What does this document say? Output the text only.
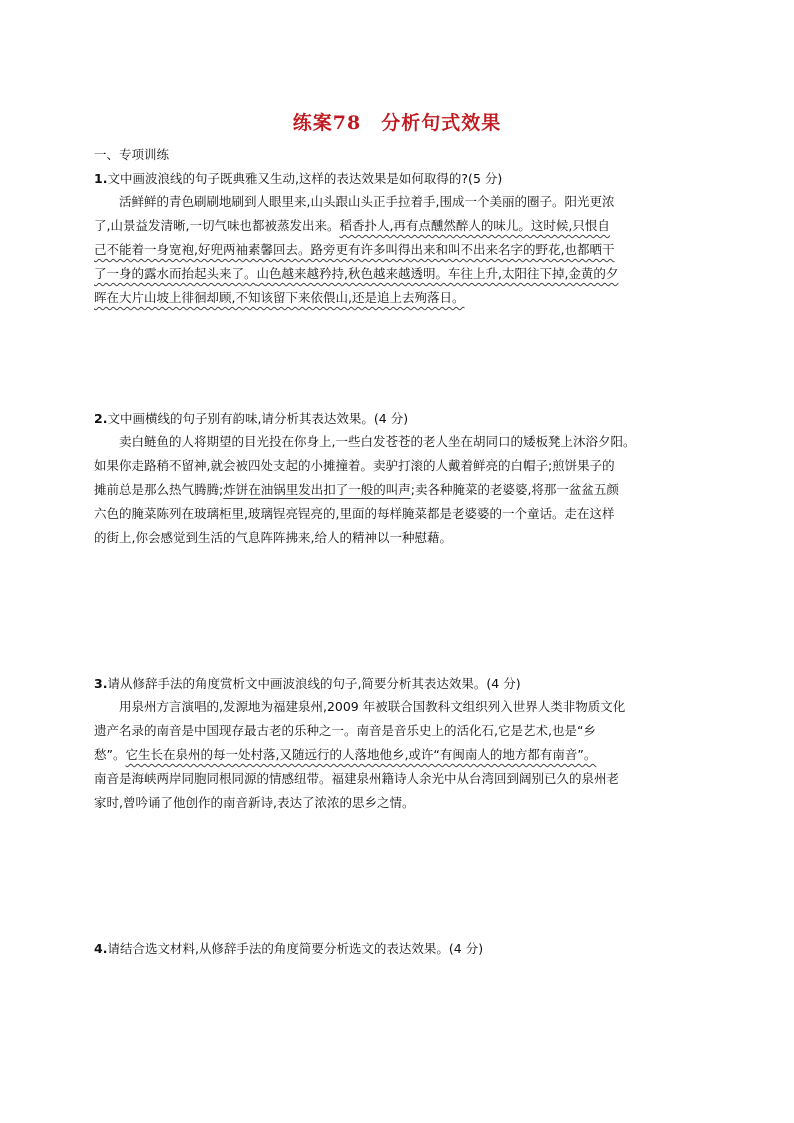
练案78　分析句式效果
一、专项训练
1.文中画波浪线的句子既典雅又生动,这样的表达效果是如何取得的?(5 分)
　　活鲜鲜的青色刷刷地刷到人眼里来,山头跟山头正手拉着手,围成一个美丽的圈子。阳光更浓
了,山景益发清晰,一切气味也都被蒸发出来。稻香扑人,再有点醺然醉人的味儿。这时候,只恨自
己不能着一身宽袍,好兜两袖素馨回去。路旁更有许多叫得出来和叫不出来名字的野花,也都晒干
了一身的露水而抬起头来了。山色越来越矜持,秋色越来越透明。车往上升,太阳往下掉,金黄的夕
晖在大片山坡上徘徊却顾,不知该留下来依偎山,还是追上去殉落日。
2.文中画横线的句子别有韵味,请分析其表达效果。(4 分)
　　卖白鲢鱼的人将期望的目光投在你身上,一些白发苍苍的老人坐在胡同口的矮板凳上沐浴夕阳。
如果你走路稍不留神,就会被四处支起的小摊撞着。卖驴打滚的人戴着鲜亮的白帽子;煎饼果子的
摊前总是那么热气腾腾;炸饼在油锅里发出扣了一般的叫声;卖各种腌菜的老婆婆,将那一盆盆五颜
六色的腌菜陈列在玻璃柜里,玻璃锃亮锃亮的,里面的每样腌菜都是老婆婆的一个童话。走在这样
的街上,你会感觉到生活的气息阵阵拂来,给人的精神以一种慰藉。
3.请从修辞手法的角度赏析文中画波浪线的句子,简要分析其表达效果。(4 分)
　　用泉州方言演唱的,发源地为福建泉州,2009 年被联合国教科文组织列入世界人类非物质文化
遗产名录的南音是中国现存最古老的乐种之一。南音是音乐史上的活化石,它是艺术,也是“乡
愁”。它生长在泉州的每一处村落,又随远行的人落地他乡,或许“有闽南人的地方都有南音”。
南音是海峡两岸同胞同根同源的情感纽带。福建泉州籍诗人余光中从台湾回到阔别已久的泉州老
家时,曾吟诵了他创作的南音新诗,表达了浓浓的思乡之情。
4.请结合选文材料,从修辞手法的角度简要分析选文的表达效果。(4 分)
